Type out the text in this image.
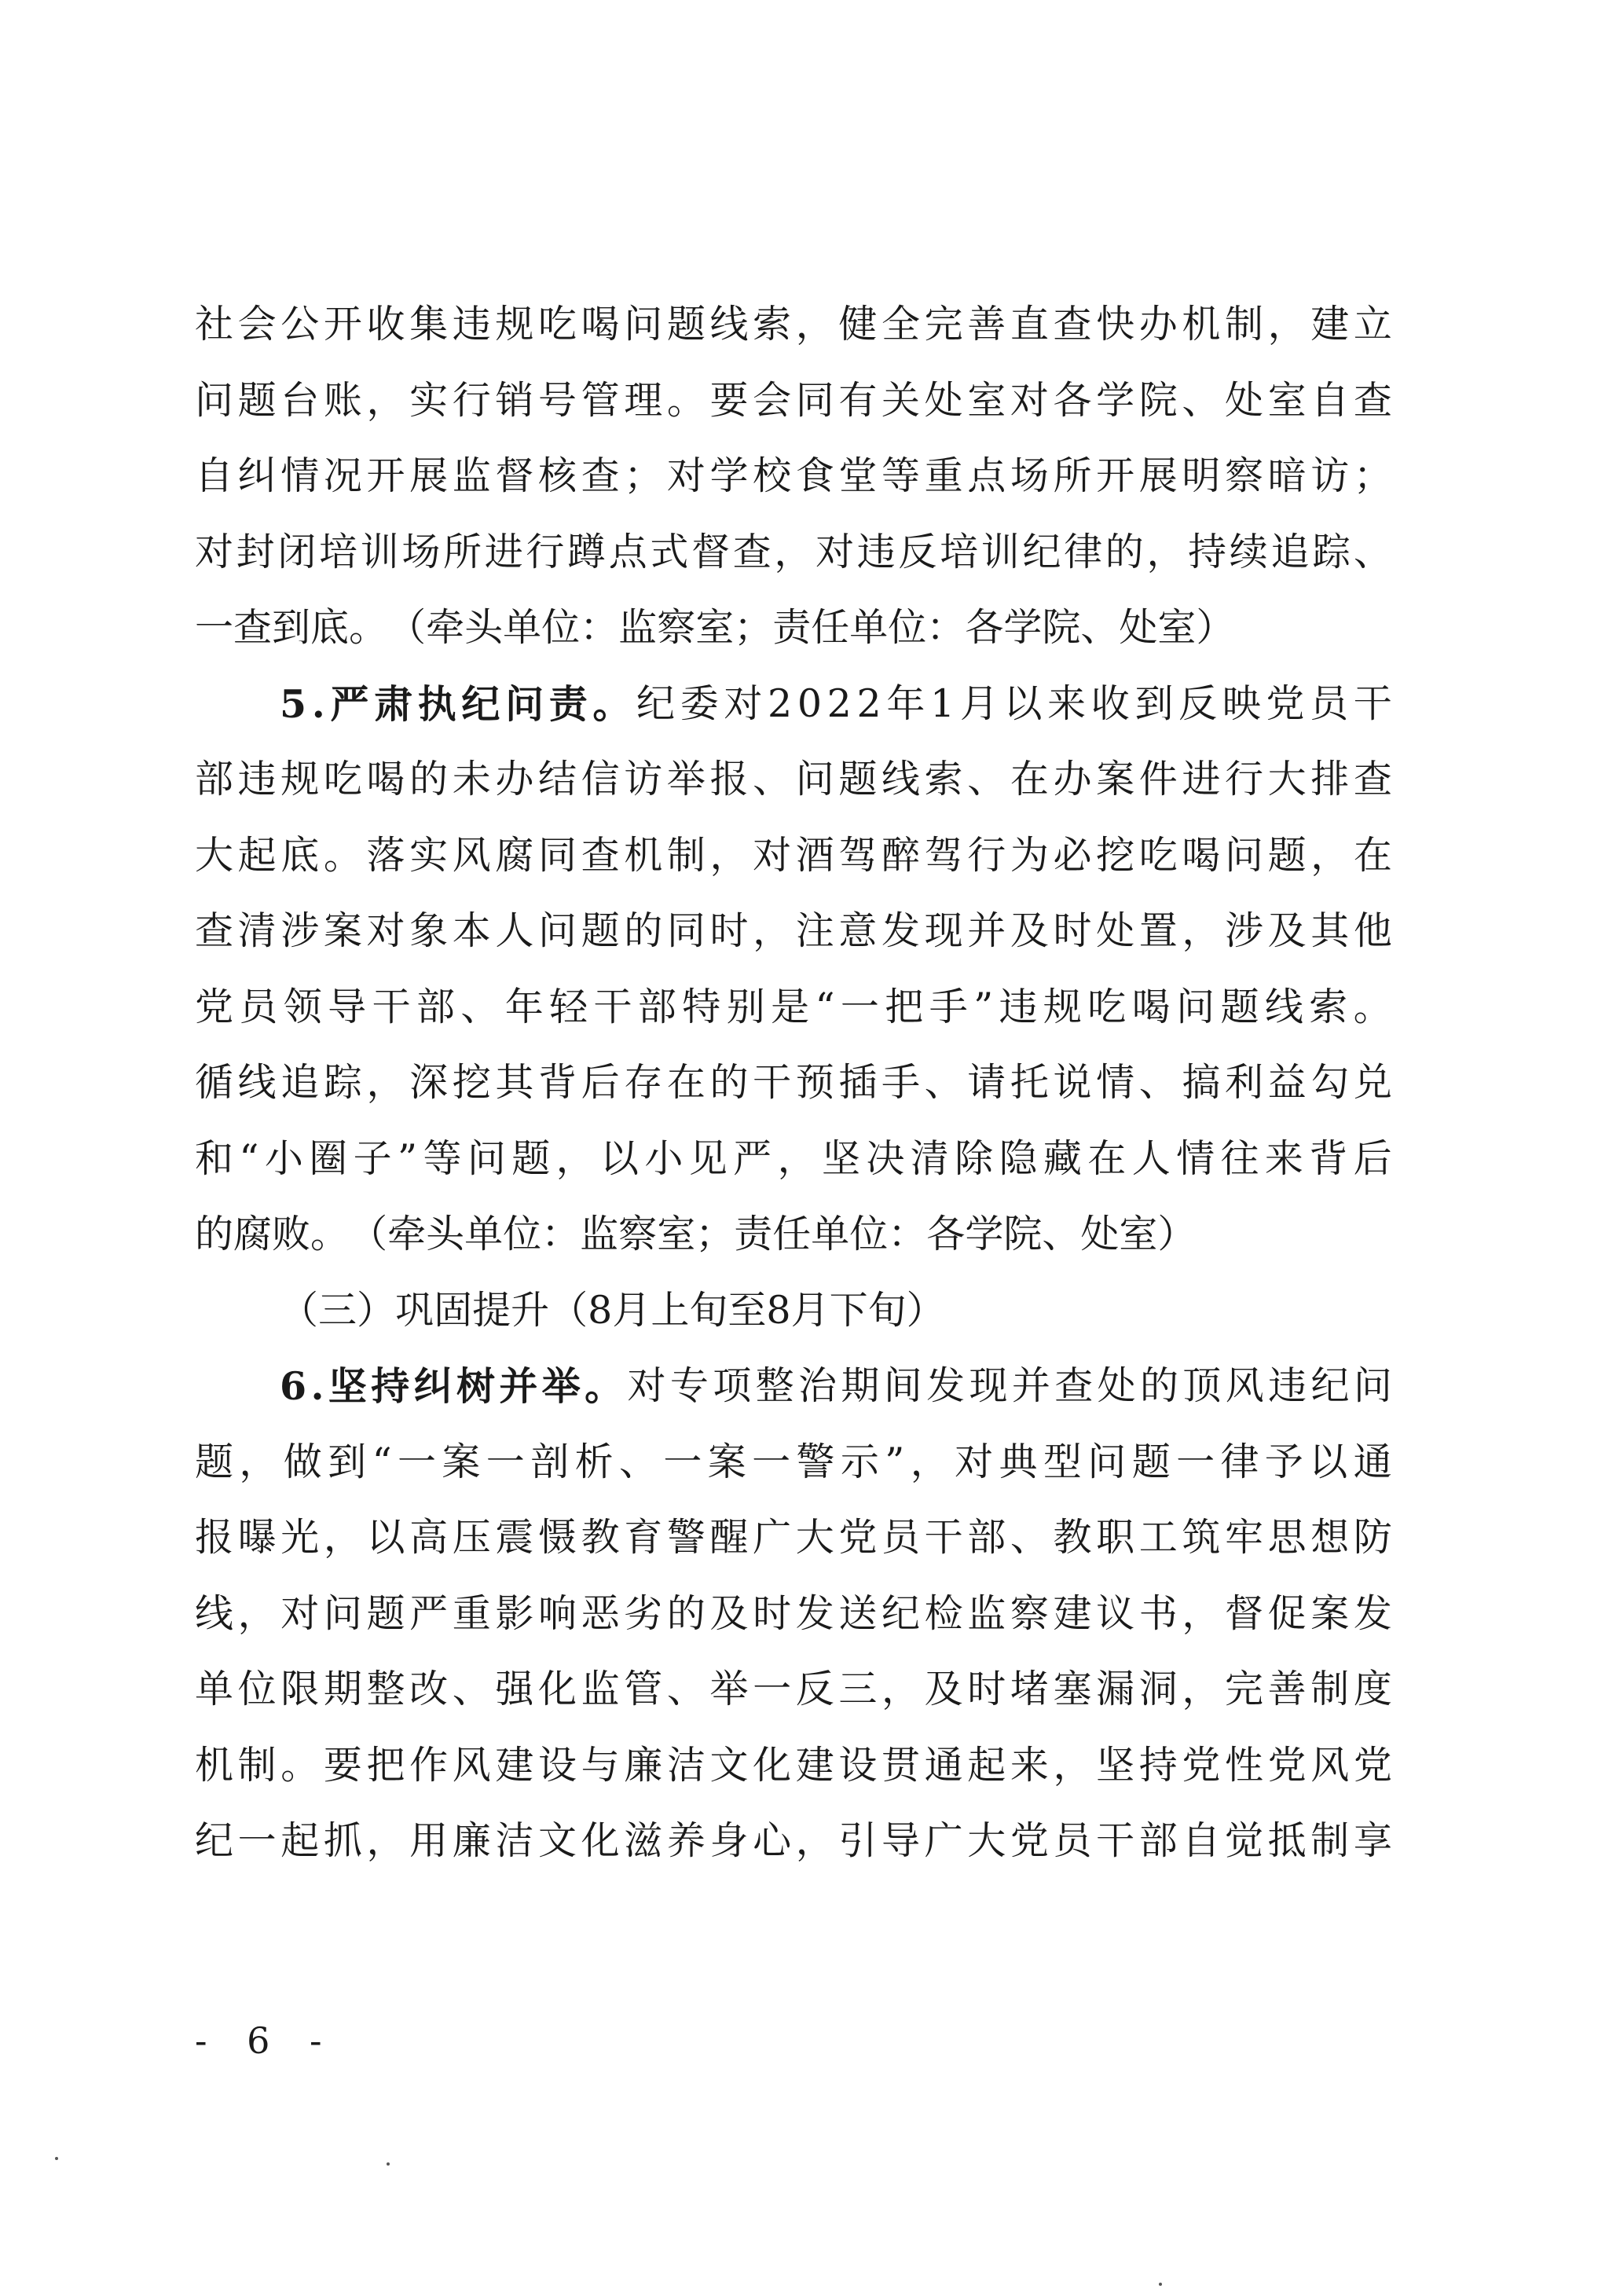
社 会 公 开 收 集 违 规 吃 喝 问 题 线 索 ， 健 全 完 善 直 查 快 办 机 制 ， 建 立
问 题 台 账 ， 实 行 销 号 管 理 。 要 会 同 有 关 处 室 对 各 学 院 、 处 室 自 查
自 纠 情 况 开 展 监 督 核 查 ； 对 学 校 食 堂 等 重 点 场 所 开 展 明 察 暗 访 ；
对 封 闭 培 训 场 所 进 行 蹲 点 式 督 查 ， 对 违 反 培 训 纪 律 的 ， 持 续 追 踪 、
一 查 到 底 。 （ 牵 头 单 位 ： 监 察 室 ； 责 任 单 位 ： 各 学 院 、 处 室 ）
5 . 严 肃 执 纪 问 责 。 纪 委 对 2 0 2 2 年 1 月 以 来 收 到 反 映 党 员 干
部 违 规 吃 喝 的 未 办 结 信 访 举 报 、 问 题 线 索 、 在 办 案 件 进 行 大 排 查
大 起 底 。 落 实 风 腐 同 查 机 制 ， 对 酒 驾 醉 驾 行 为 必 挖 吃 喝 问 题 ， 在
查 清 涉 案 对 象 本 人 问 题 的 同 时 ， 注 意 发 现 并 及 时 处 置 ， 涉 及 其 他
党 员 领 导 干 部 、 年 轻 干 部 特 别 是 “ 一 把 手 ” 违 规 吃 喝 问 题 线 索 。
循 线 追 踪 ， 深 挖 其 背 后 存 在 的 干 预 插 手 、 请 托 说 情 、 搞 利 益 勾 兑
和 “ 小 圈 子 ” 等 问 题 ， 以 小 见 严 ， 坚 决 清 除 隐 藏 在 人 情 往 来 背 后
的 腐 败 。 （ 牵 头 单 位 ： 监 察 室 ； 责 任 单 位 ： 各 学 院 、 处 室 ）
（ 三 ） 巩 固 提 升 （ 8 月 上 旬 至 8 月 下 旬 ）
6 . 坚 持 纠 树 并 举 。 对 专 项 整 治 期 间 发 现 并 查 处 的 顶 风 违 纪 问
题 ， 做 到 “ 一 案 一 剖 析 、 一 案 一 警 示 ” ， 对 典 型 问 题 一 律 予 以 通
报 曝 光 ， 以 高 压 震 慑 教 育 警 醒 广 大 党 员 干 部 、 教 职 工 筑 牢 思 想 防
线 ， 对 问 题 严 重 影 响 恶 劣 的 及 时 发 送 纪 检 监 察 建 议 书 ， 督 促 案 发
单 位 限 期 整 改 、 强 化 监 管 、 举 一 反 三 ， 及 时 堵 塞 漏 洞 ， 完 善 制 度
机 制 。 要 把 作 风 建 设 与 廉 洁 文 化 建 设 贯 通 起 来 ， 坚 持 党 性 党 风 党
纪 一 起 抓 ， 用 廉 洁 文 化 滋 养 身 心 ， 引 导 广 大 党 员 干 部 自 觉 抵 制 享
- 6 -
